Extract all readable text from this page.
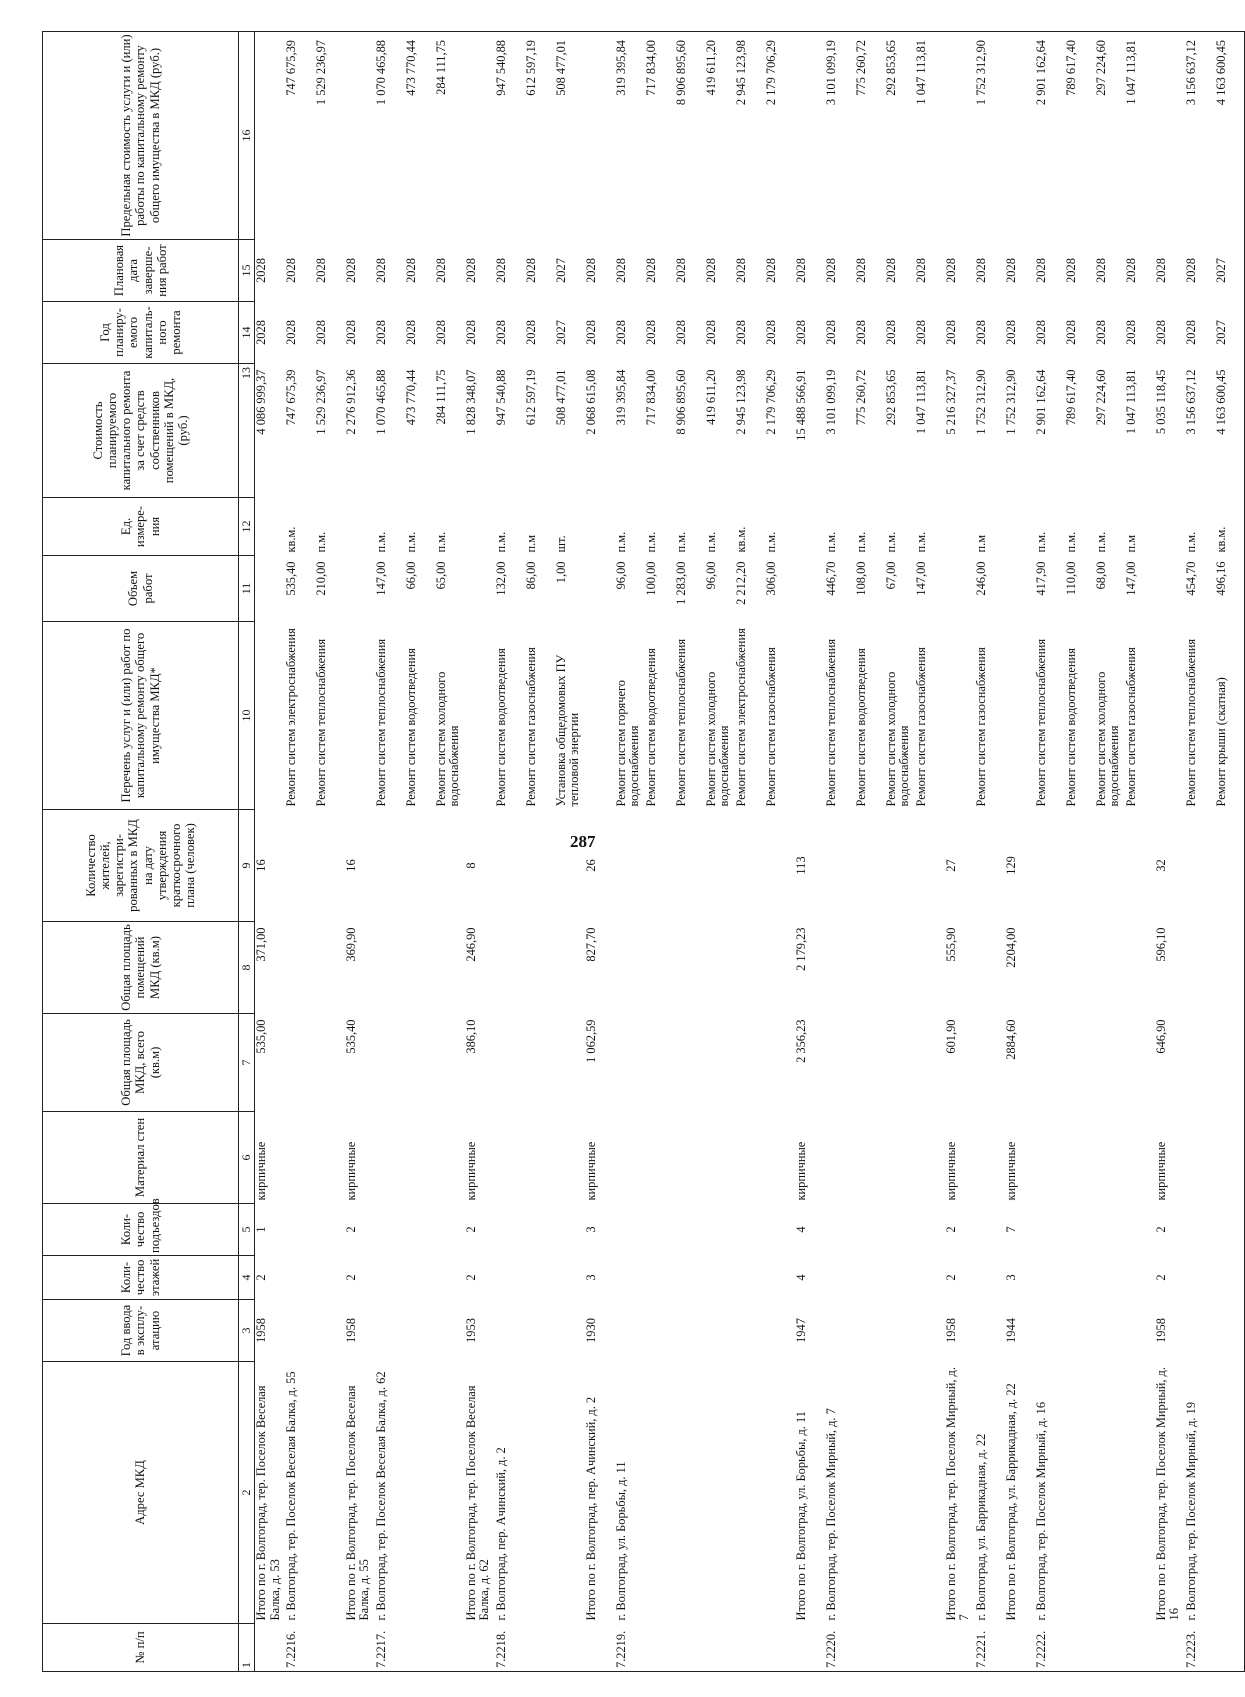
287
№ п/п	Адрес МКД	Год ввода в эксплу-атацию	Коли-чество этажей	Коли-чество подъездов	Материал стен	Общая площадь МКД, всего (кв.м)	Общая площадь помещений МКД (кв.м)	Количество жителей, зарегистри-рованных в МКД на дату утверждения краткосрочного плана (человек)	Перечень услуг и (или) работ по капитальному ремонту общего имущества МКД*	Объем работ	Ед. измере-ния	Стоимость планируемого капитального ремонта за счет средств собственников помещений в МКД, (руб.)	Год планиру-емого капиталь-ного ремонта	Плановая дата заверше-ния работ	Предельная стоимость услуги и (или) работы по капитальному ремонту общего имущества в МКД (руб.)
1	2	3	4	5	6	7	8	9	10	11	12	13	14	15	16
	Итого по г. Волгоград, тер. Поселок Веселая Балка, д. 53	1958	2	1	кирпичные	535,00	371,00	16				4 086 999,37	2028	2028	
7.2216.	г. Волгоград, тер. Поселок Веселая Балка, д. 55								Ремонт систем электроснабжения	535,40	кв.м.	747 675,39	2028	2028	747 675,39
									Ремонт систем теплоснабжения	210,00	п.м.	1 529 236,97	2028	2028	1 529 236,97
	Итого по г. Волгоград, тер. Поселок Веселая Балка, д. 55	1958	2	2	кирпичные	535,40	369,90	16				2 276 912,36	2028	2028	
7.2217.	г. Волгоград, тер. Поселок Веселая Балка, д. 62								Ремонт систем теплоснабжения	147,00	п.м.	1 070 465,88	2028	2028	1 070 465,88
									Ремонт систем водоотведения	66,00	п.м.	473 770,44	2028	2028	473 770,44
									Ремонт систем холодного водоснабжения	65,00	п.м.	284 111,75	2028	2028	284 111,75
	Итого по г. Волгоград, тер. Поселок Веселая Балка, д. 62	1953	2	2	кирпичные	386,10	246,90	8				1 828 348,07	2028	2028	
7.2218.	г. Волгоград, пер. Ачинский, д. 2								Ремонт систем водоотведения	132,00	п.м.	947 540,88	2028	2028	947 540,88
									Ремонт систем газоснабжения	86,00	п.м	612 597,19	2028	2028	612 597,19
									Установка общедомовых ПУ тепловой энергии	1,00	шт.	508 477,01	2027	2027	508 477,01
	Итого по г. Волгоград, пер. Ачинский, д. 2	1930	3	3	кирпичные	1 062,59	827,70	26				2 068 615,08	2028	2028	
7.2219.	г. Волгоград, ул. Борьбы, д. 11								Ремонт систем горячего водоснабжения	96,00	п.м.	319 395,84	2028	2028	319 395,84
									Ремонт систем водоотведения	100,00	п.м.	717 834,00	2028	2028	717 834,00
									Ремонт систем теплоснабжения	1 283,00	п.м.	8 906 895,60	2028	2028	8 906 895,60
									Ремонт систем холодного водоснабжения	96,00	п.м.	419 611,20	2028	2028	419 611,20
									Ремонт систем электроснабжения	2 212,20	кв.м.	2 945 123,98	2028	2028	2 945 123,98
									Ремонт систем газоснабжения	306,00	п.м.	2 179 706,29	2028	2028	2 179 706,29
	Итого по г. Волгоград, ул. Борьбы, д. 11	1947	4	4	кирпичные	2 356,23	2 179,23	113				15 488 566,91	2028	2028	
7.2220.	г. Волгоград, тер. Поселок Мирный, д. 7								Ремонт систем теплоснабжения	446,70	п.м.	3 101 099,19	2028	2028	3 101 099,19
									Ремонт систем водоотведения	108,00	п.м.	775 260,72	2028	2028	775 260,72
									Ремонт систем холодного водоснабжения	67,00	п.м.	292 853,65	2028	2028	292 853,65
									Ремонт систем газоснабжения	147,00	п.м.	1 047 113,81	2028	2028	1 047 113,81
	Итого по г. Волгоград, тер. Поселок Мирный, д. 7	1958	2	2	кирпичные	601,90	555,90	27				5 216 327,37	2028	2028	
7.2221.	г. Волгоград, ул. Баррикадная, д. 22								Ремонт систем газоснабжения	246,00	п.м	1 752 312,90	2028	2028	1 752 312,90
	Итого по г. Волгоград, ул. Баррикадная, д. 22	1944	3	7	кирпичные	2884,60	2204,00	129				1 752 312,90	2028	2028	
7.2222.	г. Волгоград, тер. Поселок Мирный, д. 16								Ремонт систем теплоснабжения	417,90	п.м.	2 901 162,64	2028	2028	2 901 162,64
									Ремонт систем водоотведения	110,00	п.м.	789 617,40	2028	2028	789 617,40
									Ремонт систем холодного водоснабжения	68,00	п.м.	297 224,60	2028	2028	297 224,60
									Ремонт систем газоснабжения	147,00	п.м	1 047 113,81	2028	2028	1 047 113,81
	Итого по г. Волгоград, тер. Поселок Мирный, д. 16	1958	2	2	кирпичные	646,90	596,10	32				5 035 118,45	2028	2028	
7.2223.	г. Волгоград, тер. Поселок Мирный, д. 19								Ремонт систем теплоснабжения	454,70	п.м.	3 156 637,12	2028	2028	3 156 637,12
									Ремонт крыши (скатная)	496,16	кв.м.	4 163 600,45	2027	2027	4 163 600,45
